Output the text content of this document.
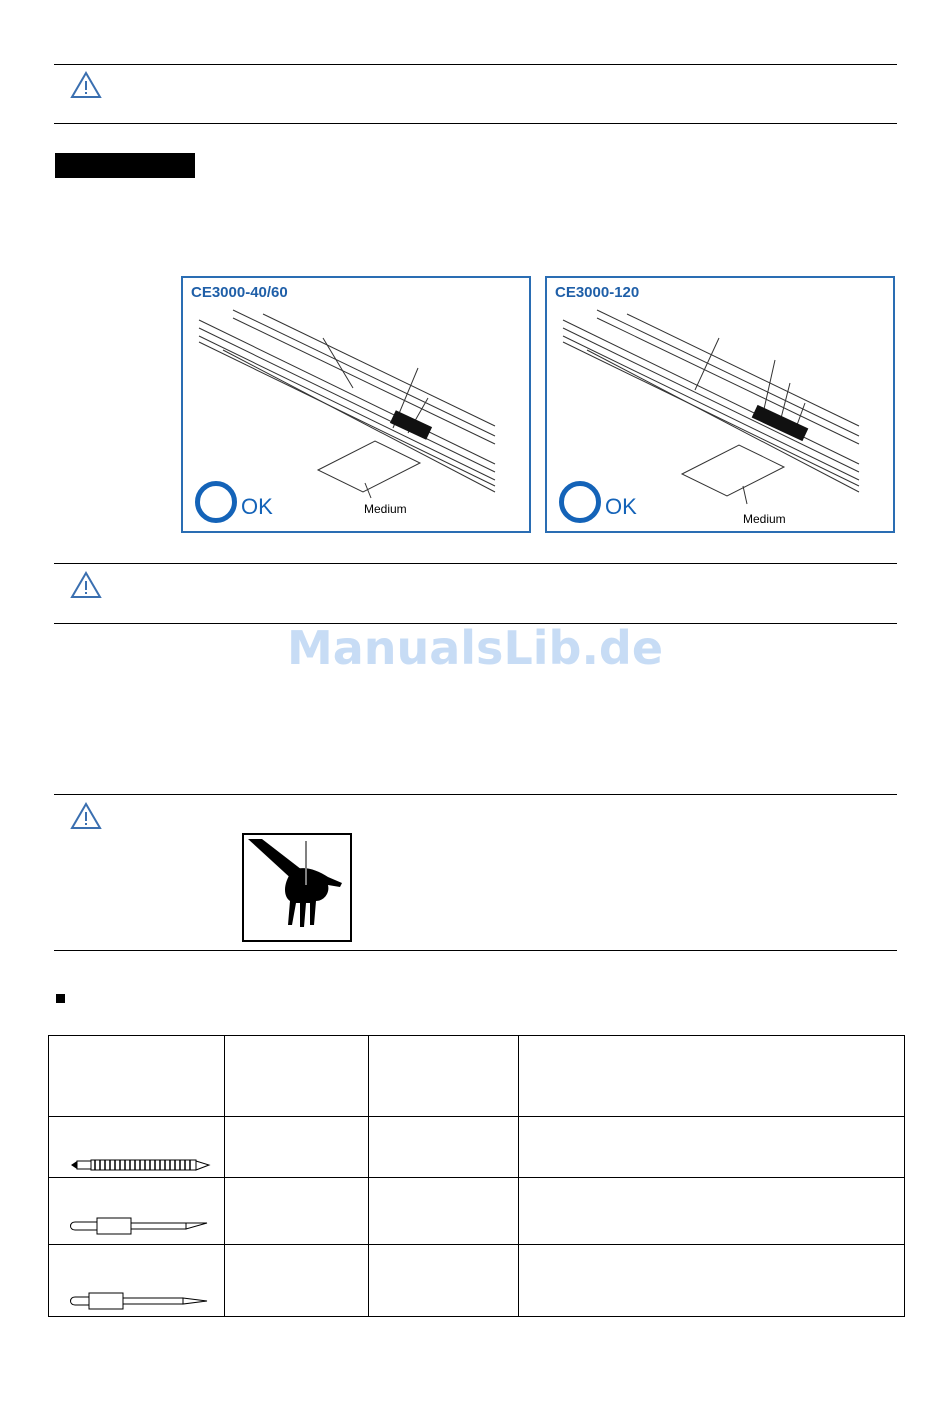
CE3000-40/60
OK	Medium
CE3000-120
OK	Medium
ManualsLib.de
